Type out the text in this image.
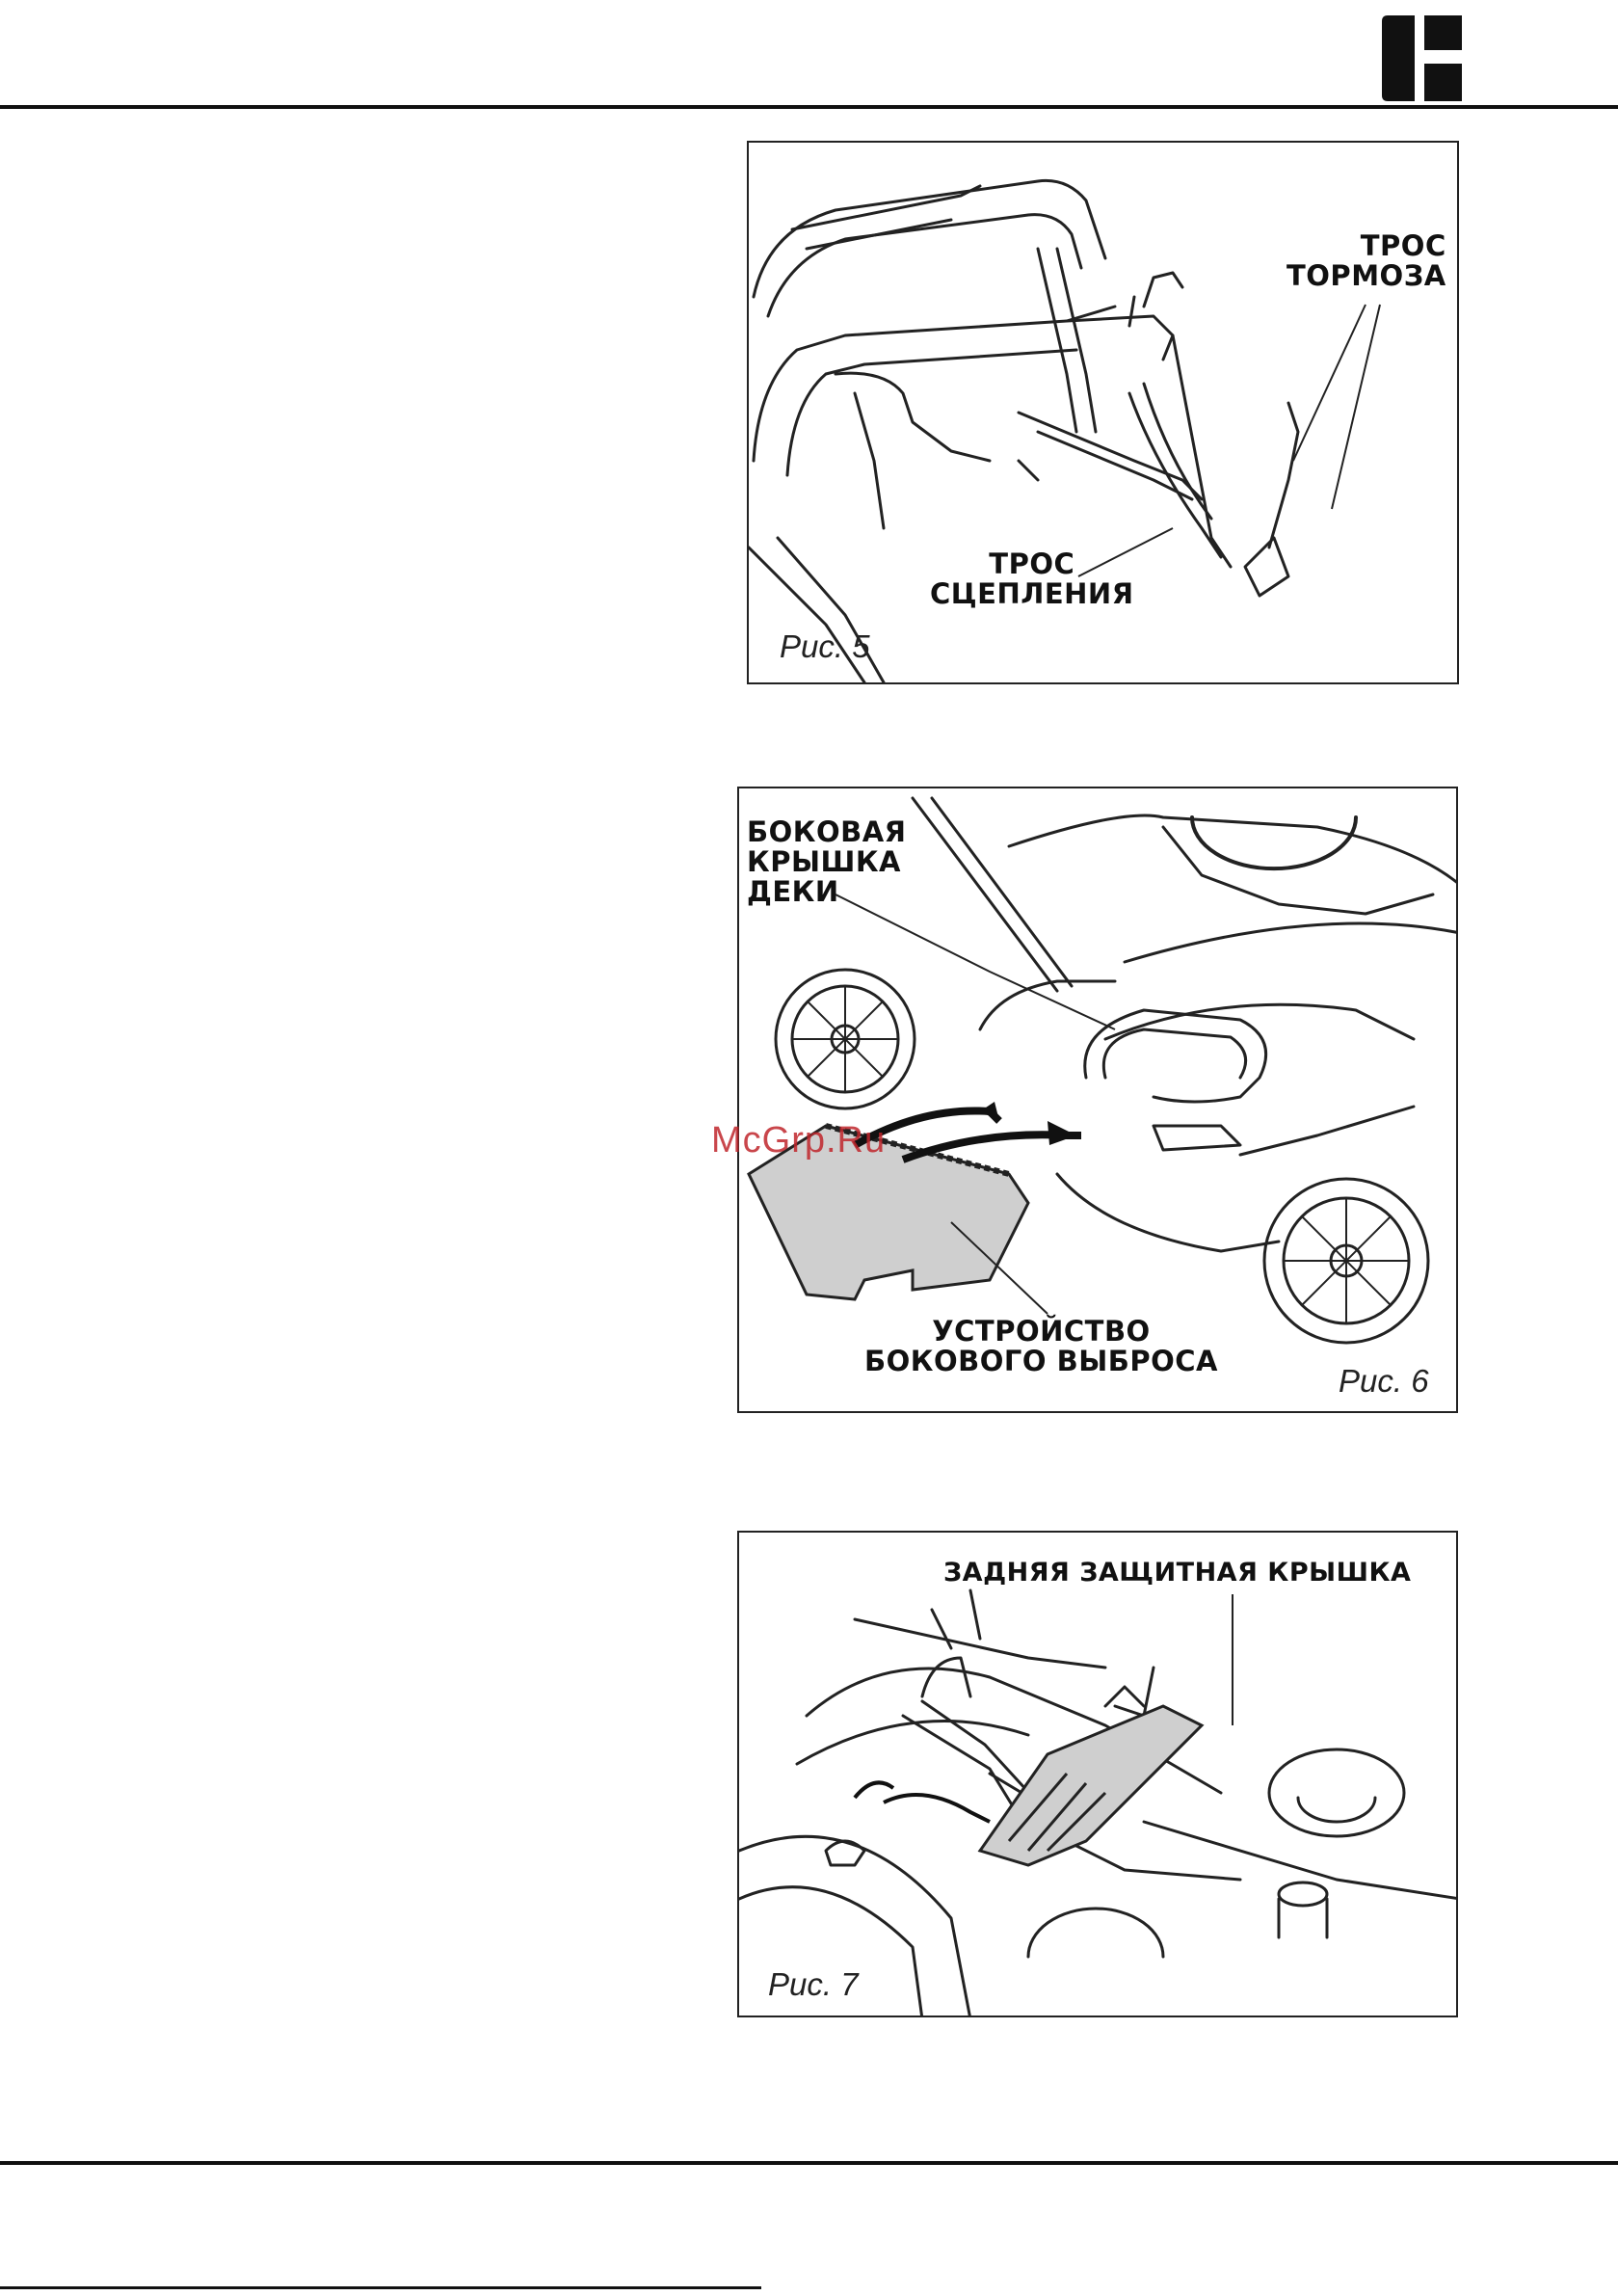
ТРОС
ТОРМОЗА
ТРОС
СЦЕПЛЕНИЯ
Рис. 5
БОКОВАЯ
КРЫШКА
ДЕКИ
УСТРОЙСТВО
БОКОВОГО ВЫБРОСА
Рис. 6
ЗАДНЯЯ ЗАЩИТНАЯ КРЫШКА
Рис. 7
McGrp.Ru
